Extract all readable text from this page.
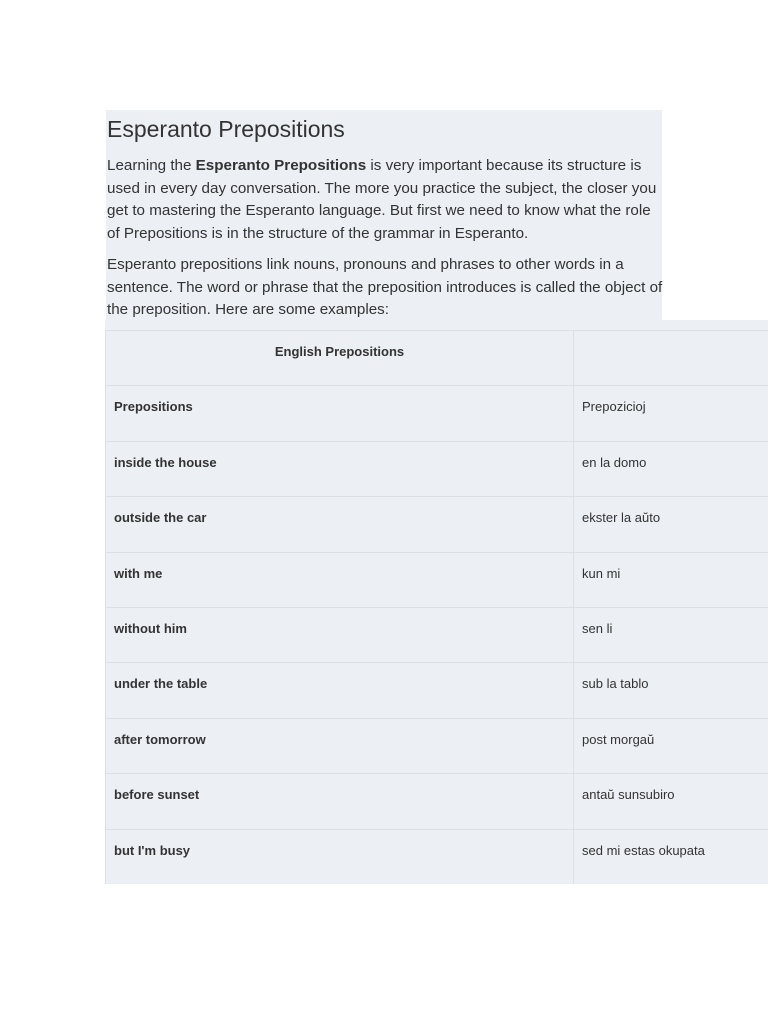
Esperanto Prepositions

Learning the Esperanto Prepositions is very important because its structure is used in every day conversation. The more you practice the subject, the closer you get to mastering the Esperanto language. But first we need to know what the role of Prepositions is in the structure of the grammar in Esperanto.

Esperanto prepositions link nouns, pronouns and phrases to other words in a sentence. The word or phrase that the preposition introduces is called the object of the preposition. Here are some examples:

English Prepositions	

Prepositions	Prepozicioj

inside the house	en la domo

outside the car	ekster la aŭto

with me	kun mi

without him	sen li

under the table	sub la tablo

after tomorrow	post morgaŭ

before sunset	antaŭ sunsubiro

but I'm busy	sed mi estas okupata
